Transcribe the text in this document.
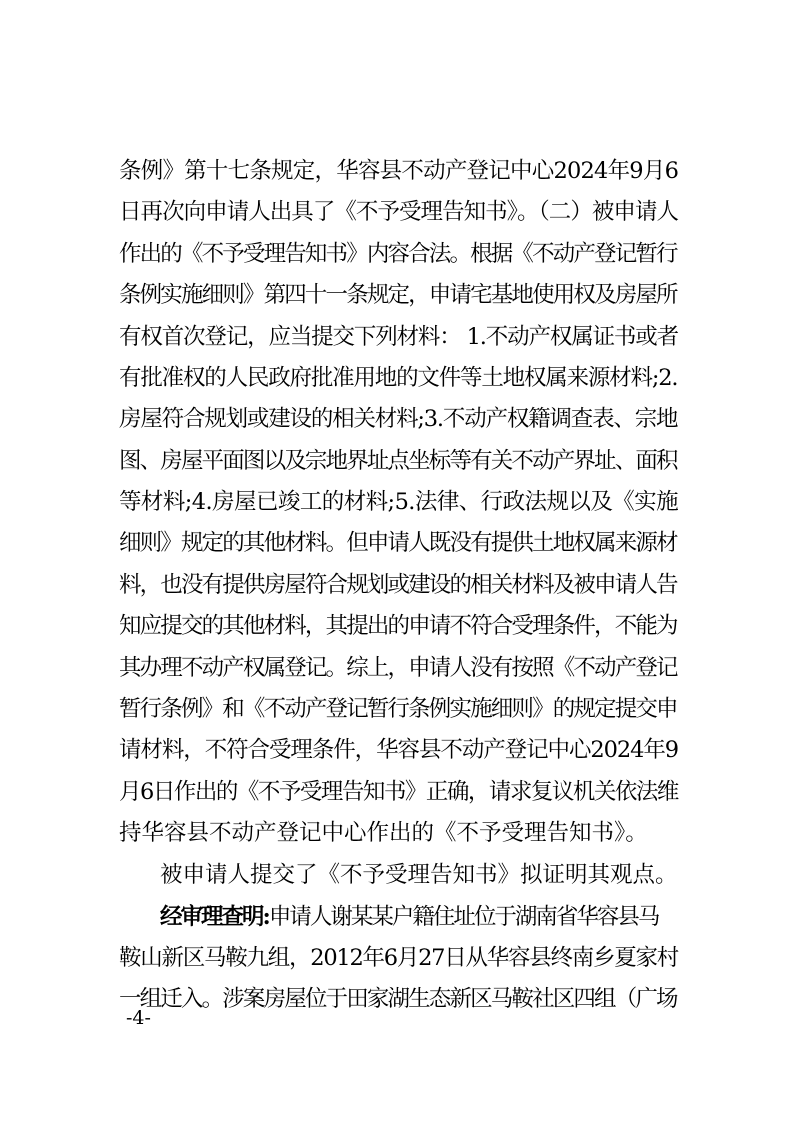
条例》第十七条规定，华容县不动产登记中心2024年9月6
日再次向申请人出具了《不予受理告知书》。（二）被申请人
作出的《不予受理告知书》内容合法。根据《不动产登记暂行
条例实施细则》第四十一条规定，申请宅基地使用权及房屋所
有权首次登记，应当提交下列材料： 1.不动产权属证书或者
有批准权的人民政府批准用地的文件等土地权属来源材料;2.
房屋符合规划或建设的相关材料;3.不动产权籍调查表、宗地
图、房屋平面图以及宗地界址点坐标等有关不动产界址、面积
等材料;4.房屋已竣工的材料;5.法律、行政法规以及《实施
细则》规定的其他材料。但申请人既没有提供土地权属来源材
料，也没有提供房屋符合规划或建设的相关材料及被申请人告
知应提交的其他材料，其提出的申请不符合受理条件，不能为
其办理不动产权属登记。综上，申请人没有按照《不动产登记
暂行条例》和《不动产登记暂行条例实施细则》的规定提交申
请材料，不符合受理条件，华容县不动产登记中心2024年9
月6日作出的《不予受理告知书》正确，请求复议机关依法维
持华容县不动产登记中心作出的《不予受理告知书》。
被申请人提交了《不予受理告知书》拟证明其观点。
经审理查明:申请人谢某某户籍住址位于湖南省华容县马
鞍山新区马鞍九组，2012年6月27日从华容县终南乡夏家村
一组迁入。涉案房屋位于田家湖生态新区马鞍社区四组（广场
-4-
